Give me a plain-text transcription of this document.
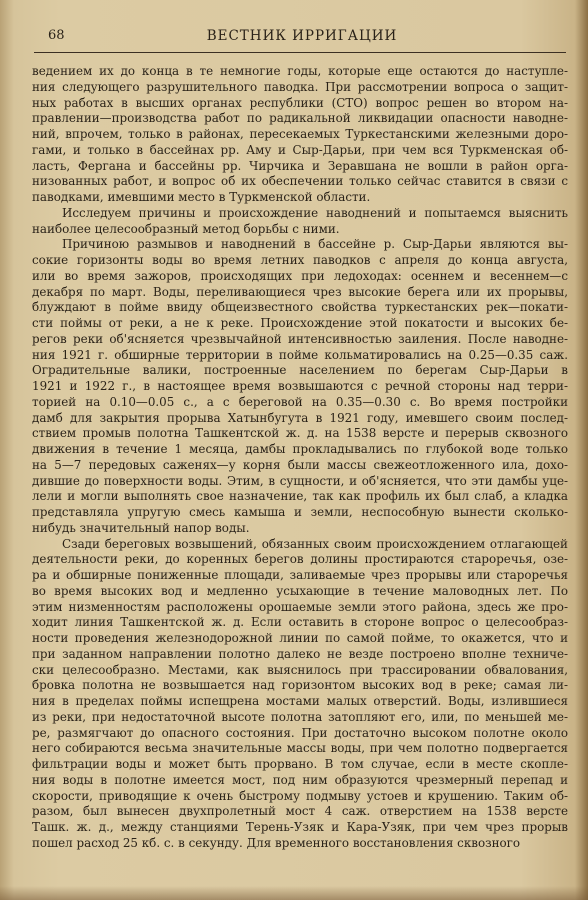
68	ВЕСТНИК ИРРИГАЦИИ
ведением их до конца в те немногие годы, которые еще остаются до наступле-
ния следующего разрушительного паводка. При рассмотрении вопроса о защит-
ных работах в высших органах республики (СТО) вопрос решен во втором на-
правлении—производства работ по радикальной ликвидации опасности наводне-
ний, впрочем, только в районах, пересекаемых Туркестанскими железными доро-
гами, и только в бассейнах рр. Аму и Сыр-Дарьи, при чем вся Туркменская об-
ласть, Фергана и бассейны рр. Чирчика и Зеравшана не вошли в район орга-
низованных работ, и вопрос об их обеспечении только сейчас ставится в связи с
паводками, имевшими место в Туркменской области.
Исследуем причины и происхождение наводнений и попытаемся выяснить
наиболее целесообразный метод борьбы с ними.
Причиною размывов и наводнений в бассейне р. Сыр-Дарьи являются вы-
сокие горизонты воды во время летних паводков с апреля до конца августа,
или во время зажоров, происходящих при ледоходах: осеннем и весеннем—с
декабря по март. Воды, переливающиеся чрез высокие берега или их прорывы,
блуждают в пойме ввиду общеизвестного свойства туркестанских рек—покати-
сти поймы от реки, а не к реке. Происхождение этой покатости и высоких бе-
регов реки об'ясняется чрезвычайной интенсивностью заиления. После наводне-
ния 1921 г. обширные территории в пойме кольматировались на 0.25—0.35 саж.
Оградительные валики, построенные населением по берегам Сыр-Дарьи в
1921 и 1922 г., в настоящее время возвышаются с речной стороны над терри-
торией на 0.10—0.05 с., а с береговой на 0.35—0.30 с. Во время постройки
дамб для закрытия прорыва Хатынбугута в 1921 году, имевшего своим послед-
ствием промыв полотна Ташкентской ж. д. на 1538 версте и перерыв сквозного
движения в течение 1 месяца, дамбы прокладывались по глубокой воде только
на 5—7 передовых саженях—у корня были массы свежеотложенного ила, дохо-
дившие до поверхности воды. Этим, в сущности, и об'ясняется, что эти дамбы уце-
лели и могли выполнять свое назначение, так как профиль их был слаб, а кладка
представляла упругую смесь камыша и земли, неспособную вынести сколько-
нибудь значительный напор воды.
Сзади береговых возвышений, обязанных своим происхождением отлагающей
деятельности реки, до коренных берегов долины простираются староречья, озе-
ра и обширные пониженные площади, заливаемые чрез прорывы или староречья
во время высоких вод и медленно усыхающие в течение маловодных лет. По
этим низменностям расположены орошаемые земли этого района, здесь же про-
ходит линия Ташкентской ж. д. Если оставить в стороне вопрос о целесообраз-
ности проведения железнодорожной линии по самой пойме, то окажется, что и
при заданном направлении полотно далеко не везде построено вполне техниче-
ски целесообразно. Местами, как выяснилось при трассировании обвалования,
бровка полотна не возвышается над горизонтом высоких вод в реке; самая ли-
ния в пределах поймы испещрена мостами малых отверстий. Воды, излившиеся
из реки, при недостаточной высоте полотна затопляют его, или, по меньшей ме-
ре, размягчают до опасного состояния. При достаточно высоком полотне около
него собираются весьма значительные массы воды, при чем полотно подвергается
фильтрации воды и может быть прорвано. В том случае, если в месте скопле-
ния воды в полотне имеется мост, под ним образуются чрезмерный перепад и
скорости, приводящие к очень быстрому подмыву устоев и крушению. Таким об-
разом, был вынесен двухпролетный мост 4 саж. отверстием на 1538 версте
Ташк. ж. д., между станциями Терень-Узяк и Кара-Узяк, при чем чрез прорыв
пошел расход 25 кб. с. в секунду. Для временного восстановления сквозного
